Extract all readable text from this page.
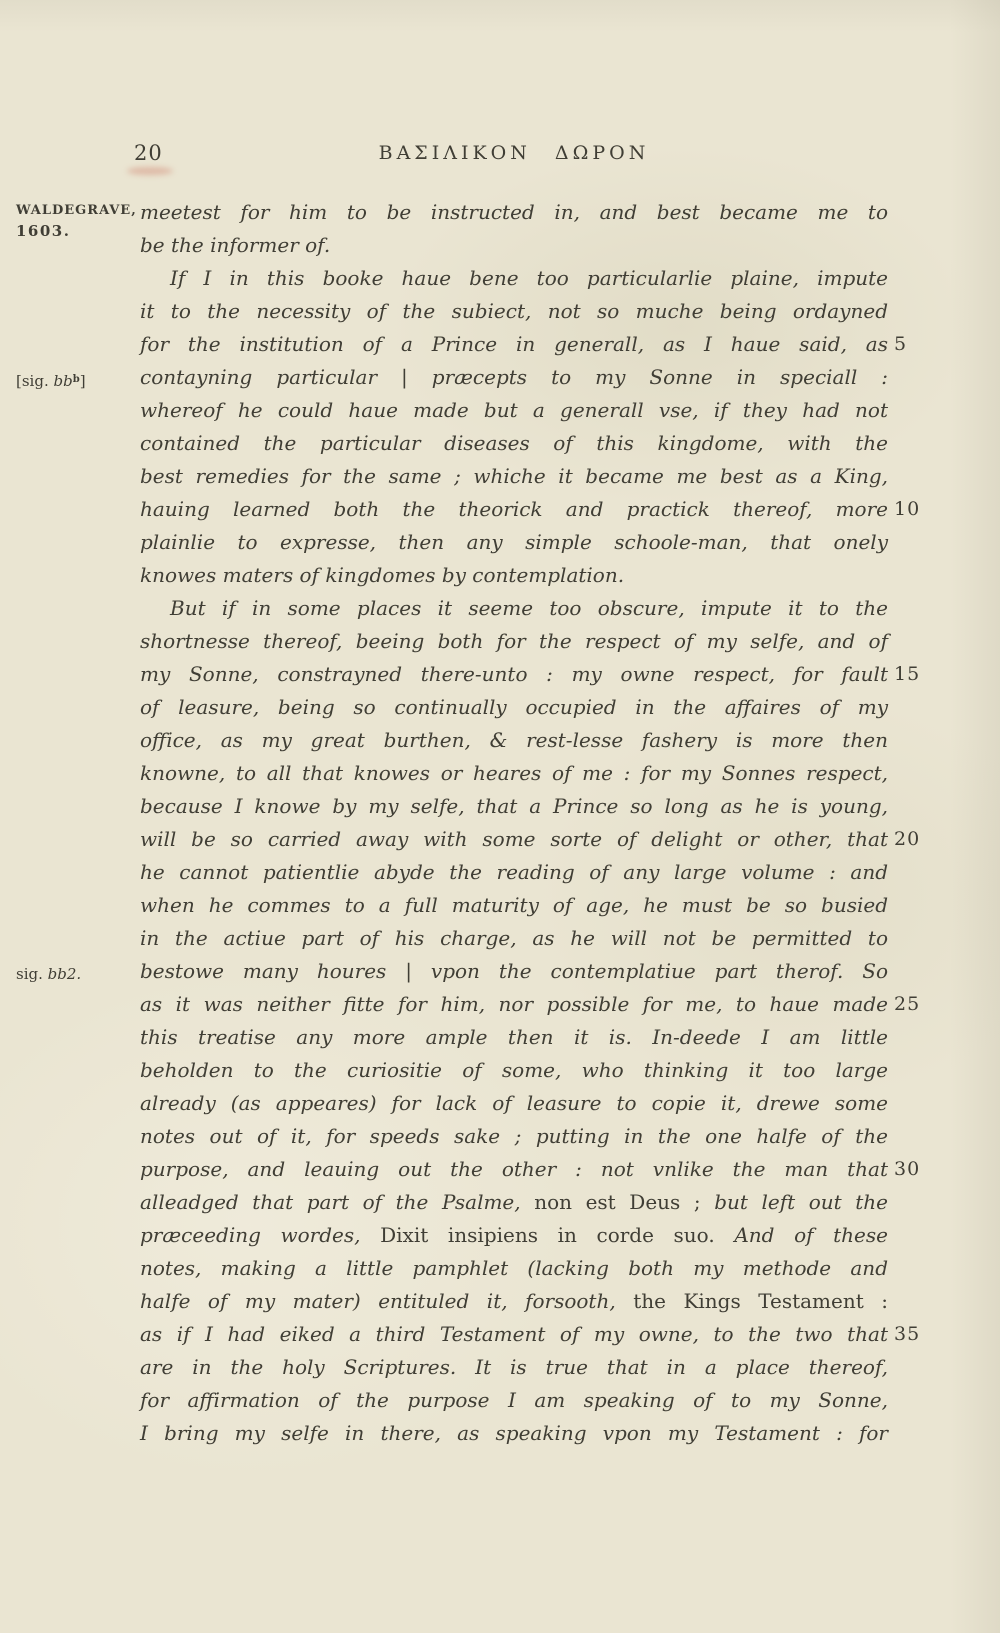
20	ΒΑΣΙΛΙΚΟΝ ΔΩΡΟΝ
WALDEGRAVE,
1603.
meetest for him to be instructed in, and best became me to
be the informer of.
If I in this booke haue bene too particularlie plaine, impute
it to the necessity of the subiect, not so muche being ordayned
for the institution of a Prince in generall, as I haue said, as 5
[sig. $bb^b$]	contayning particular | præcepts to my Sonne in speciall :
whereof he could haue made but a generall vse, if they had not
contained the particular diseases of this kingdome, with the
best remedies for the same ; whiche it became me best as a King,
hauing learned both the theorick and practick thereof, more 10
plainlie to expresse, then any simple schoole-man, that onely
knowes maters of kingdomes by contemplation.
But if in some places it seeme too obscure, impute it to the
shortnesse thereof, beeing both for the respect of my selfe, and of
my Sonne, constrayned there-unto : my owne respect, for fault 15
of leasure, being so continually occupied in the affaires of my
office, as my great burthen, & rest-lesse fashery is more then
knowne, to all that knowes or heares of me : for my Sonnes respect,
because I knowe by my selfe, that a Prince so long as he is young,
will be so carried away with some sorte of delight or other, that 20
he cannot patientlie abyde the reading of any large volume : and
when he commes to a full maturity of age, he must be so busied
in the actiue part of his charge, as he will not be permitted to
sig. bb2.	bestowe many houres | vpon the contemplatiue part therof. So
as it was neither fitte for him, nor possible for me, to haue made 25
this treatise any more ample then it is. In-deede I am little
beholden to the curiositie of some, who thinking it too large
already (as appeares) for lack of leasure to copie it, drewe some
notes out of it, for speeds sake ; putting in the one halfe of the
purpose, and leauing out the other : not vnlike the man that 30
alleadged that part of the Psalme, non est Deus ; but left out the
præceeding wordes, Dixit insipiens in corde suo. And of these
notes, making a little pamphlet (lacking both my methode and
halfe of my mater) entituled it, forsooth, the Kings Testament :
as if I had eiked a third Testament of my owne, to the two that 35
are in the holy Scriptures. It is true that in a place thereof,
for affirmation of the purpose I am speaking of to my Sonne,
I bring my selfe in there, as speaking vpon my Testament : for
